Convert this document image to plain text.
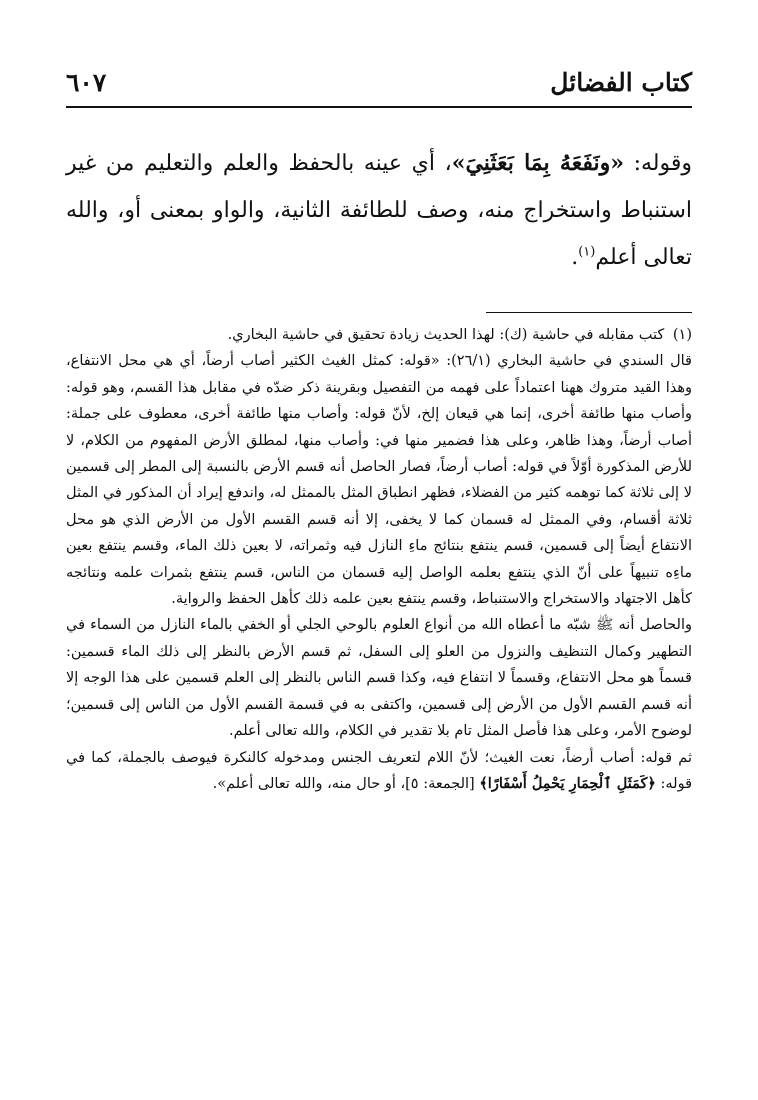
كتاب الفضائل
٦٠٧

وقوله: «ونَفَعَهُ بِمَا بَعَثَنِيَ»، أي عينه بالحفظ والعلم والتعليم من غير استنباط واستخراج منه، وصف للطائفة الثانية، والواو بمعنى أو، والله تعالى أعلم$^{(١)}$.

(١) كتب مقابله في حاشية (ك): لهذا الحديث زيادة تحقيق في حاشية البخاري.

قال السندي في حاشية البخاري (٢٦/١): «قوله: كمثل الغيث الكثير أصاب أرضاً، أي هي محل الانتفاع، وهذا القيد متروك ههنا اعتماداً على فهمه من التفصيل وبقرينة ذكر ضدّه في مقابل هذا القسم، وهو قوله: وأصاب منها طائفة أخرى، إنما هي قيعان إلخ، لأنّ قوله: وأصاب منها طائفة أخرى، معطوف على جملة: أصاب أرضاً، وهذا ظاهر، وعلى هذا فضمير منها في: وأصاب منها، لمطلق الأرض المفهوم من الكلام، لا للأرض المذكورة أوّلاً في قوله: أصاب أرضاً، فصار الحاصل أنه قسم الأرض بالنسبة إلى المطر إلى قسمين لا إلى ثلاثة كما توهمه كثير من الفضلاء، فظهر انطباق المثل بالممثل له، واندفع إيراد أن المذكور في المثل ثلاثة أقسام، وفي الممثل له قسمان كما لا يخفى، إلا أنه قسم القسم الأول من الأرض الذي هو محل الانتفاع أيضاً إلى قسمين، قسم ينتفع بنتائج ماءِ النازل فيه وثمراته، لا بعين ذلك الماء، وقسم ينتفع بعين ماءِه تنبيهاً على أنّ الذي ينتفع بعلمه الواصل إليه قسمان من الناس، قسم ينتفع بثمرات علمه ونتائجه كأهل الاجتهاد والاستخراج والاستنباط، وقسم ينتفع بعين علمه ذلك كأهل الحفظ والرواية.

والحاصل أنه ﷺ شبّه ما أعطاه الله من أنواع العلوم بالوحي الجلي أو الخفي بالماء النازل من السماء في التطهير وكمال التنظيف والنزول من العلو إلى السفل، ثم قسم الأرض بالنظر إلى ذلك الماء قسمين: قسماً هو محل الانتفاع، وقسماً لا انتفاع فيه، وكذا قسم الناس بالنظر إلى العلم قسمين على هذا الوجه إلا أنه قسم القسم الأول من الأرض إلى قسمين، واكتفى به في قسمة القسم الأول من الناس إلى قسمين؛ لوضوح الأمر، وعلى هذا فأصل المثل تام بلا تقدير في الكلام، والله تعالى أعلم.

ثم قوله: أصاب أرضاً، نعت الغيث؛ لأنّ اللام لتعريف الجنس ومدخوله كالنكرة فيوصف بالجملة، كما في قوله: ﴿كَمَثَلِ ٱلْحِمَارِ يَحْمِلُ أَسْفَارًا﴾ [الجمعة: ٥]، أو حال منه، والله تعالى أعلم».
